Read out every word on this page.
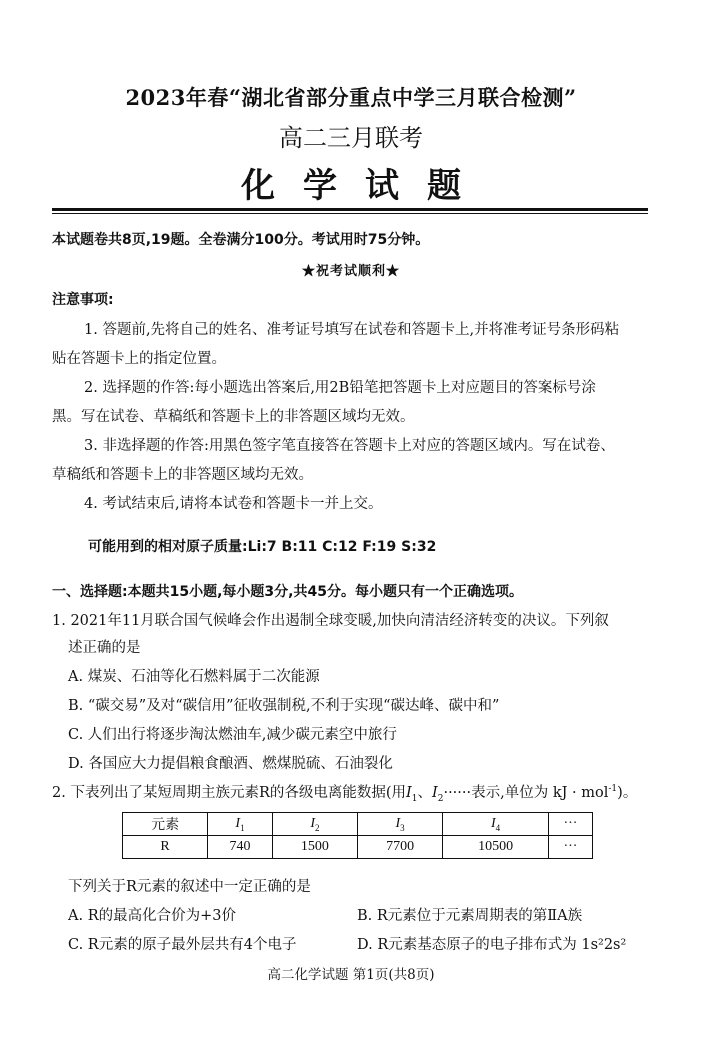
2023年春“湖北省部分重点中学三月联合检测”
高二三月联考
化学试题
本试题卷共8页,19题。全卷满分100分。考试用时75分钟。
★祝考试顺利★
注意事项:
1. 答题前,先将自己的姓名、准考证号填写在试卷和答题卡上,并将准考证号条形码粘
贴在答题卡上的指定位置。
2. 选择题的作答:每小题选出答案后,用2B铅笔把答题卡上对应题目的答案标号涂
黑。写在试卷、草稿纸和答题卡上的非答题区域均无效。
3. 非选择题的作答:用黑色签字笔直接答在答题卡上对应的答题区域内。写在试卷、
草稿纸和答题卡上的非答题区域均无效。
4. 考试结束后,请将本试卷和答题卡一并上交。
可能用到的相对原子质量:Li:7 B:11 C:12 F:19 S:32
一、选择题:本题共15小题,每小题3分,共45分。每小题只有一个正确选项。
1. 2021年11月联合国气候峰会作出遏制全球变暖,加快向清洁经济转变的决议。下列叙
述正确的是
A. 煤炭、石油等化石燃料属于二次能源
B. “碳交易”及对“碳信用”征收强制税,不利于实现“碳达峰、碳中和”
C. 人们出行将逐步淘汰燃油车,减少碳元素空中旅行
D. 各国应大力提倡粮食酿酒、燃煤脱硫、石油裂化
2. 下表列出了某短周期主族元素R的各级电离能数据(用$I_1$、$I_2\cdot\cdot\cdot\cdot\cdot\cdot$表示,单位为 kJ · mol$^{-1}$)。
元素	$I_1$	$I_2$	$I_3$	$I_4$	···
R	740	1500	7700	10500	···
下列关于R元素的叙述中一定正确的是
A. R的最高化合价为+3价	B. R元素位于元素周期表的第ⅡA族
C. R元素的原子最外层共有4个电子	D. R元素基态原子的电子排布式为 1s²2s²
高二化学试题 第1页(共8页)
